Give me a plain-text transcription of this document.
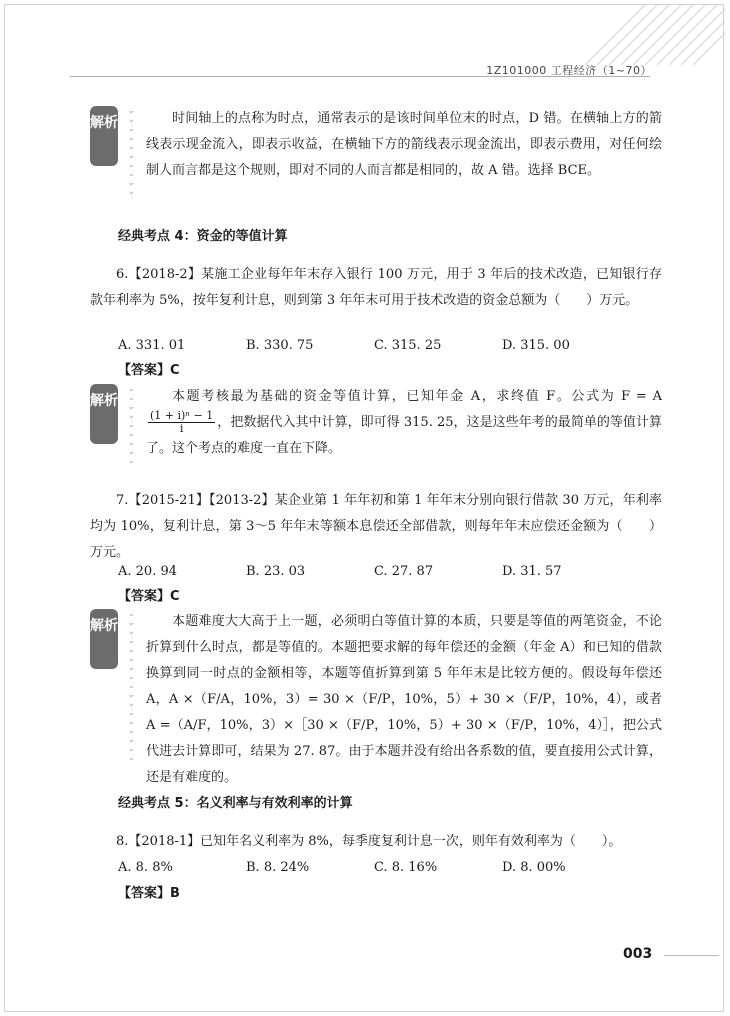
1Z101000 工程经济（1~70）
解析
⌄
⌄
⌄
⌄
⌄
⌄
⌄
⌄
⌄
⌄
时间轴上的点称为时点，通常表示的是该时间单位末的时点，D 错。在横轴上方的箭线表示现金流入，即表示收益，在横轴下方的箭线表示现金流出，即表示费用，对任何绘制人而言都是这个规则，即对不同的人而言都是相同的，故 A 错。选择 BCE。
经典考点 4：资金的等值计算
6.【2018-2】某施工企业每年年末存入银行 100 万元，用于 3 年后的技术改造，已知银行存款年利率为 5%，按年复利计息，则到第 3 年年末可用于技术改造的资金总额为（　　）万元。
A. 331. 01	B. 330. 75	C. 315. 25	D. 315. 00
【答案】C
解析
⌄
⌄
⌄
⌄
⌄
⌄
⌄
⌄
⌄
本题考核最为基础的资金等值计算，已知年金 A，求终值 F。公式为 F = A
$\frac{\text{(1 + i)ⁿ − 1}}{i}$ ，把数据代入其中计算，即可得 315. 25，这是这些年考的最简单的等值计算了。这个考点的难度一直在下降。
7.【2015-21】【2013-2】某企业第 1 年年初和第 1 年年末分别向银行借款 30 万元，年利率均为 10%，复利计息，第 3～5 年年末等额本息偿还全部借款，则每年年末应偿还金额为（　　）万元。
A. 20. 94	B. 23. 03	C. 27. 87	D. 31. 57
【答案】C
解析
⌄
⌄
⌄
⌄
⌄
⌄
⌄
⌄
⌄
⌄
⌄
⌄
⌄
⌄
⌄
⌄
⌄
本题难度大大高于上一题，必须明白等值计算的本质，只要是等值的两笔资金，不论折算到什么时点，都是等值的。本题把要求解的每年偿还的金额（年金 A）和已知的借款换算到同一时点的金额相等，本题等值折算到第 5 年年末是比较方便的。假设每年偿还 A，A ×（F/A，10%，3）= 30 ×（F/P，10%，5）+ 30 ×（F/P，10%，4），或者 A =（A/F，10%，3）×［30 ×（F/P，10%，5）+ 30 ×（F/P，10%，4）］，把公式代进去计算即可，结果为 27. 87。由于本题并没有给出各系数的值，要直接用公式计算，还是有难度的。
经典考点 5：名义利率与有效利率的计算
8.【2018-1】已知年名义利率为 8%，每季度复利计息一次，则年有效利率为（　　）。
A. 8. 8%	B. 8. 24%	C. 8. 16%	D. 8. 00%
【答案】B
003
